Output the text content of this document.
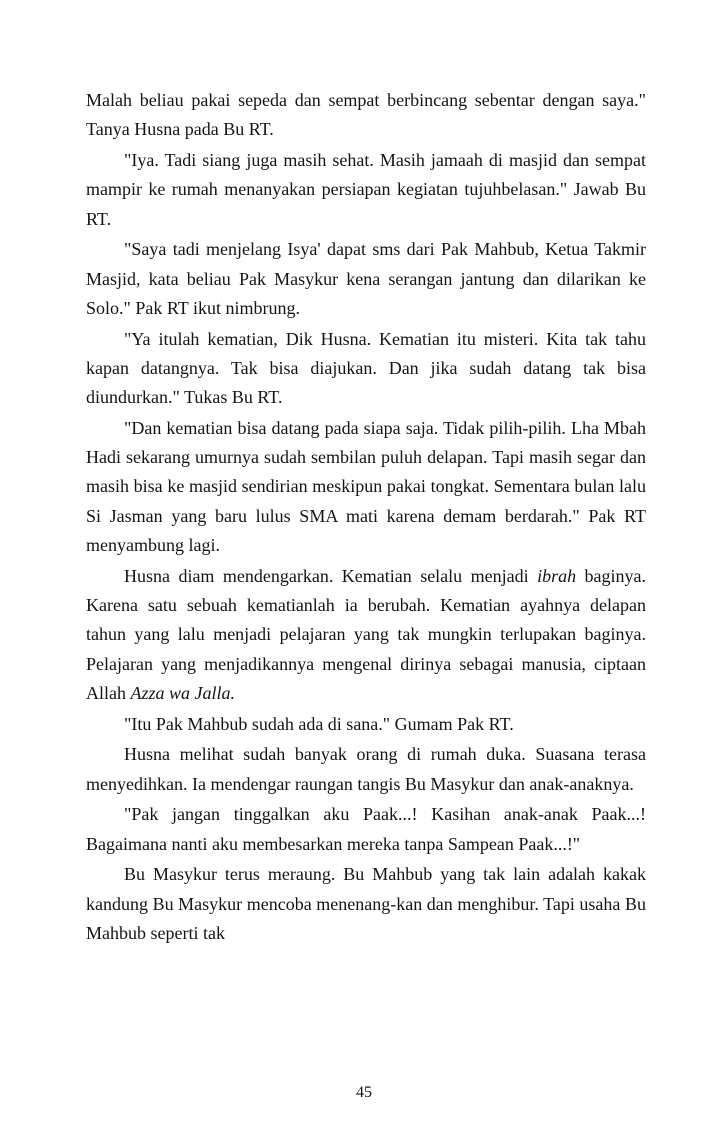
Malah beliau pakai sepeda dan sempat berbincang sebentar dengan saya." Tanya Husna pada Bu RT.

"Iya. Tadi siang juga masih sehat. Masih jamaah di masjid dan sempat mampir ke rumah menanyakan persiapan kegiatan tujuhbelasan." Jawab Bu RT.

"Saya tadi menjelang Isya' dapat sms dari Pak Mahbub, Ketua Takmir Masjid, kata beliau Pak Masykur kena serangan jantung dan dilarikan ke Solo." Pak RT ikut nimbrung.

"Ya itulah kematian, Dik Husna. Kematian itu misteri. Kita tak tahu kapan datangnya. Tak bisa diajukan. Dan jika sudah datang tak bisa diundurkan." Tukas Bu RT.

"Dan kematian bisa datang pada siapa saja. Tidak pilih-pilih. Lha Mbah Hadi sekarang umurnya sudah sembilan puluh delapan. Tapi masih segar dan masih bisa ke masjid sendirian meskipun pakai tongkat. Sementara bulan lalu Si Jasman yang baru lulus SMA mati karena demam berdarah." Pak RT menyambung lagi.

Husna diam mendengarkan. Kematian selalu menjadi ibrah baginya. Karena satu sebuah kematianlah ia berubah. Kematian ayahnya delapan tahun yang lalu menjadi pelajaran yang tak mungkin terlupakan baginya. Pelajaran yang menjadikannya mengenal dirinya sebagai manusia, ciptaan Allah Azza wa Jalla.

"Itu Pak Mahbub sudah ada di sana." Gumam Pak RT.

Husna melihat sudah banyak orang di rumah duka. Suasana terasa menyedihkan. Ia mendengar raungan tangis Bu Masykur dan anak-anaknya.

"Pak jangan tinggalkan aku Paak...! Kasihan anak-anak Paak...! Bagaimana nanti aku membesarkan mereka tanpa Sampean Paak...!"

Bu Masykur terus meraung. Bu Mahbub yang tak lain adalah kakak kandung Bu Masykur mencoba menenang-kan dan menghibur. Tapi usaha Bu Mahbub seperti tak

45
